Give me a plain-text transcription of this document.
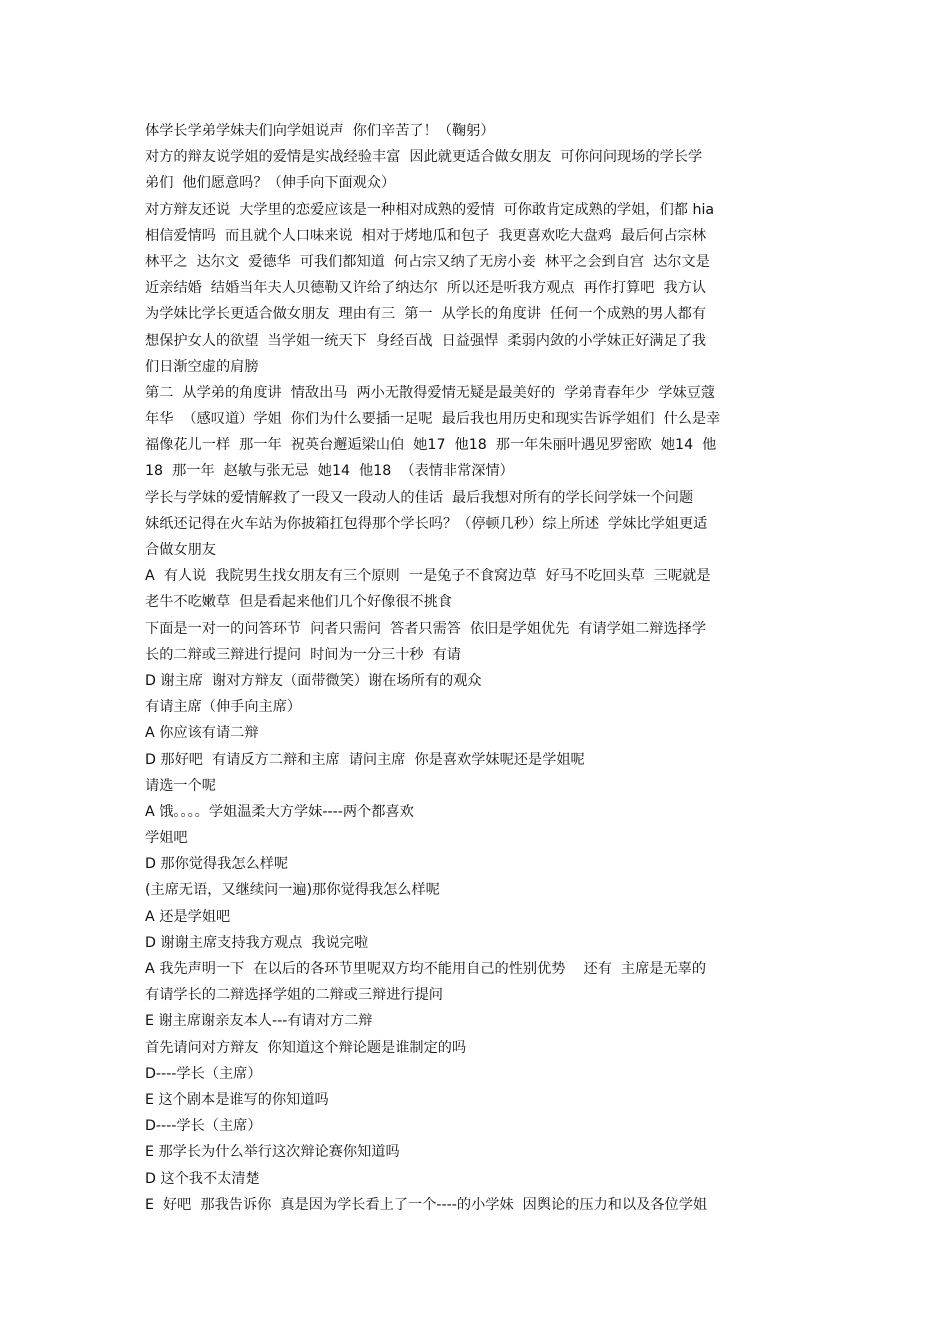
体学长学弟学妹夫们向学姐说声  你们辛苦了！（鞠躬）
对方的辩友说学姐的爱情是实战经验丰富  因此就更适合做女朋友  可你问问现场的学长学
弟们  他们愿意吗？（伸手向下面观众）
对方辩友还说  大学里的恋爱应该是一种相对成熟的爱情  可你敢肯定成熟的学姐，们都 hia
相信爱情吗  而且就个人口味来说  相对于烤地瓜和包子  我更喜欢吃大盘鸡  最后何占宗林
林平之  达尔文  爱德华  可我们都知道  何占宗又纳了无房小妾  林平之会到自宫  达尔文是
近亲结婚  结婚当年夫人贝德勒又许给了纳达尔  所以还是听我方观点  再作打算吧  我方认
为学妹比学长更适合做女朋友  理由有三  第一  从学长的角度讲  任何一个成熟的男人都有
想保护女人的欲望  当学姐一统天下  身经百战  日益强悍  柔弱内敛的小学妹正好满足了我
们日渐空虚的肩膀
第二  从学弟的角度讲  情敌出马  两小无散得爱情无疑是最美好的  学弟青春年少  学妹豆蔻
年华  （感叹道）学姐  你们为什么要插一足呢  最后我也用历史和现实告诉学姐们  什么是幸
福像花儿一样  那一年  祝英台邂逅梁山伯  她17  他18  那一年朱丽叶遇见罗密欧  她14  他
18  那一年  赵敏与张无忌  她14  他18  （表情非常深情）
学长与学妹的爱情解救了一段又一段动人的佳话  最后我想对所有的学长问学妹一个问题
妹纸还记得在火车站为你披箱扛包得那个学长吗？（停顿几秒）综上所述  学妹比学姐更适
合做女朋友
A  有人说  我院男生找女朋友有三个原则  一是兔子不食窝边草  好马不吃回头草  三呢就是
老牛不吃嫩草  但是看起来他们几个好像很不挑食
下面是一对一的问答环节  问者只需问  答者只需答  依旧是学姐优先  有请学姐二辩选择学
长的二辩或三辩进行提问  时间为一分三十秒  有请
D 谢主席  谢对方辩友（面带微笑）谢在场所有的观众
有请主席（伸手向主席）
A 你应该有请二辩
D 那好吧  有请反方二辩和主席  请问主席  你是喜欢学妹呢还是学姐呢
请选一个呢
A 饿。。。。学姐温柔大方学妹----两个都喜欢
学姐吧
D 那你觉得我怎么样呢
(主席无语，又继续问一遍)那你觉得我怎么样呢
A 还是学姐吧
D 谢谢主席支持我方观点  我说完啦
A 我先声明一下  在以后的各环节里呢双方均不能用自己的性别优势    还有  主席是无辜的
有请学长的二辩选择学姐的二辩或三辩进行提问
E 谢主席谢亲友本人---有请对方二辩
首先请问对方辩友  你知道这个辩论题是谁制定的吗
D----学长（主席）
E 这个剧本是谁写的你知道吗
D----学长（主席）
E 那学长为什么举行这次辩论赛你知道吗
D 这个我不太清楚
E  好吧  那我告诉你  真是因为学长看上了一个----的小学妹  因舆论的压力和以及各位学姐
